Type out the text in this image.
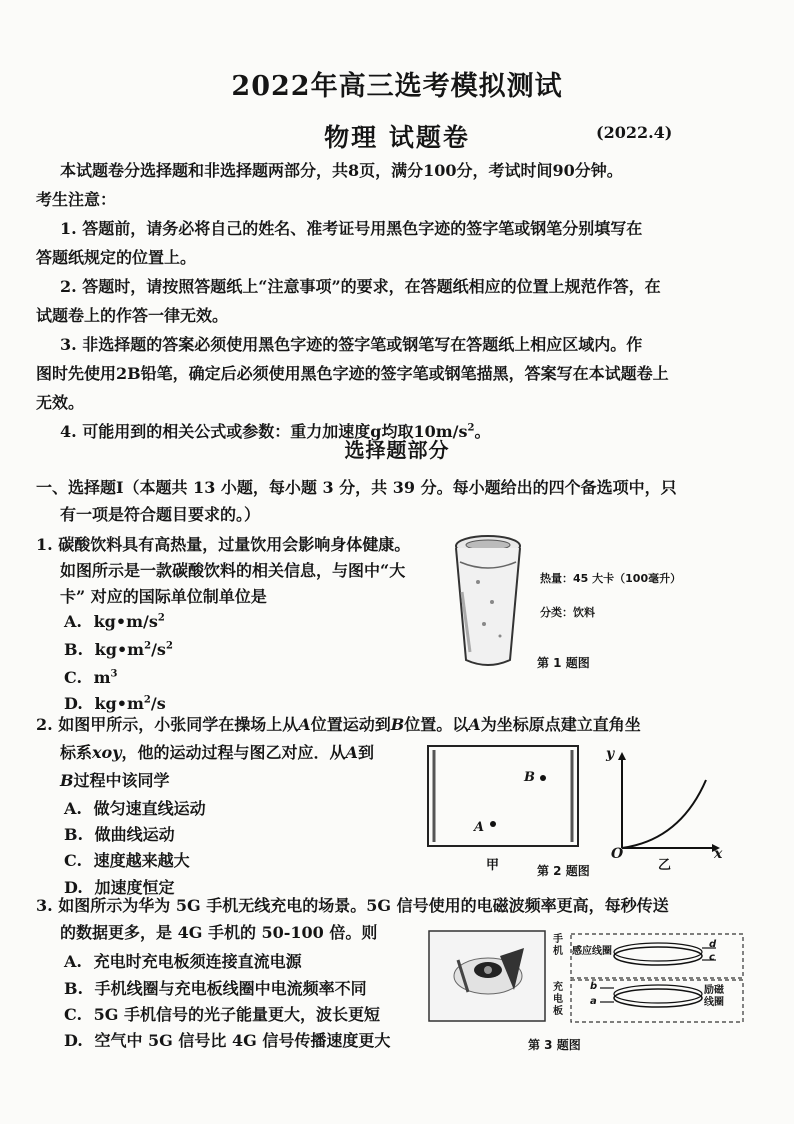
2022年高三选考模拟测试
物理 试题卷	(2022.4)
本试题卷分选择题和非选择题两部分，共8页，满分100分，考试时间90分钟。
考生注意：
1. 答题前，请务必将自己的姓名、准考证号用黑色字迹的签字笔或钢笔分别填写在
答题纸规定的位置上。
2. 答题时，请按照答题纸上“注意事项”的要求，在答题纸相应的位置上规范作答，在
试题卷上的作答一律无效。
3. 非选择题的答案必须使用黑色字迹的签字笔或钢笔写在答题纸上相应区域内。作
图时先使用2B铅笔，确定后必须使用黑色字迹的签字笔或钢笔描黑，答案写在本试题卷上
无效。
4. 可能用到的相关公式或参数：重力加速度g均取$10m/s^2$。
选择题部分
一、选择题Ⅰ（本题共 13 小题，每小题 3 分，共 39 分。每小题给出的四个备选项中，只
有一项是符合题目要求的。）
1. 碳酸饮料具有高热量，过量饮用会影响身体健康。
如图所示是一款碳酸饮料的相关信息，与图中“大
卡” 对应的国际单位制单位是
A. $kg•m/s^2$
B. $kg•m^2/s^2$
C. $m^3$
D. $kg•m^2/s$
热量：45 大卡（100毫升）
分类：饮料
第 1 题图
2. 如图甲所示，小张同学在操场上从A位置运动到B位置。以A为坐标原点建立直角坐
标系xoy，他的运动过程与图乙对应．从A到
B过程中该同学
A. 做匀速直线运动
B. 做曲线运动
C. 速度越来越大
D. 加速度恒定
B
A
甲	第 2 题图
y
x
O
乙
3. 如图所示为华为 5G 手机无线充电的场景。5G 信号使用的电磁波频率更高，每秒传送
的数据更多，是 4G 手机的 50-100 倍。则
A. 充电时充电板须连接直流电源
B. 手机线圈与充电板线圈中电流频率不同
C. 5G 手机信号的光子能量更大，波长更短
D. 空气中 5G 信号比 4G 信号传播速度更大
手机
充电板
感应线圈
励磁线圈
d
c
b
a
第 3 题图
